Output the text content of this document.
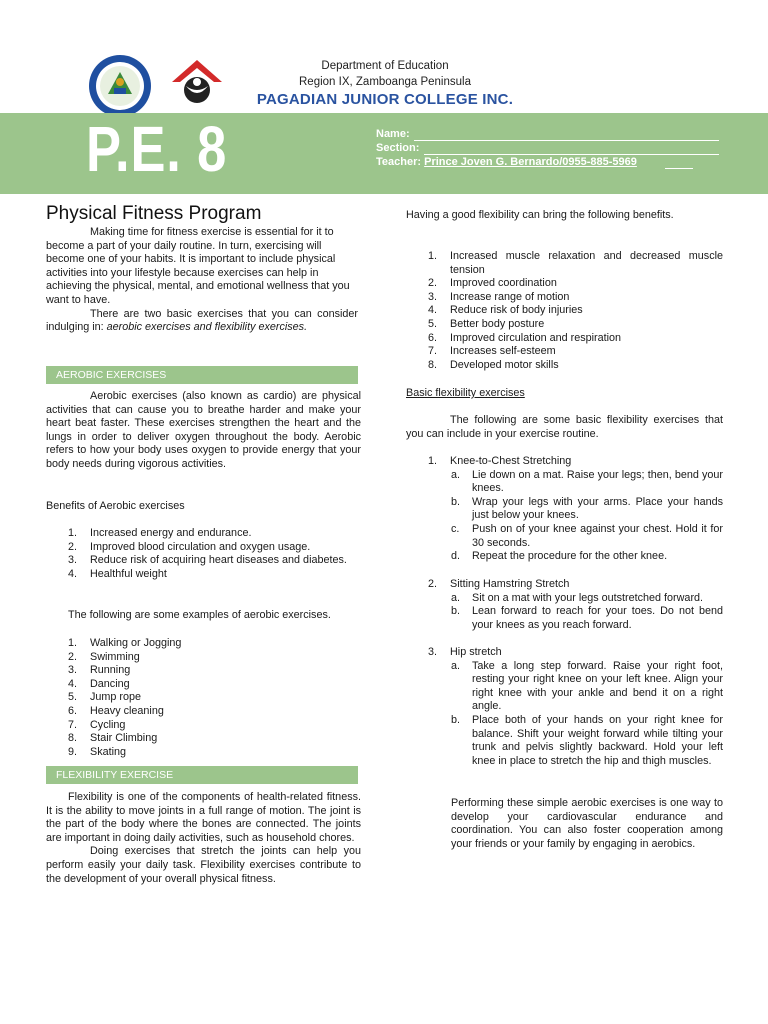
Department of Education
Region IX, Zamboanga Peninsula
PAGADIAN JUNIOR COLLEGE INC.
P.E. 8	Name:
Section:
Teacher: Prince Joven G. Bernardo/0955-885-5969
Physical Fitness Program

Making time for fitness exercise is essential for it to become a part of your daily routine. In turn, exercising will become one of your habits. It is important to include physical activities into your lifestyle because exercises can help in achieving the physical, mental, and emotional wellness that you want to have.

There are two basic exercises that you can consider indulging in: aerobic exercises and flexibility exercises.

AEROBIC EXERCISES
Aerobic exercises (also known as cardio) are physical activities that can cause you to breathe harder and make your heart beat faster. These exercises strengthen the heart and the lungs in order to deliver oxygen throughout the body. Aerobic refers to how your body uses oxygen to provide energy that your body needs during vigorous activities.
Benefits of Aerobic exercises
1. Increased energy and endurance.
2. Improved blood circulation and oxygen usage.
3. Reduce risk of acquiring heart diseases and diabetes.
4. Healthful weight
The following are some examples of aerobic exercises.
1. Walking or Jogging
2. Swimming
3. Running
4. Dancing
5. Jump rope
6. Heavy cleaning
7. Cycling
8. Stair Climbing
9. Skating
FLEXIBILITY EXERCISE

Flexibility is one of the components of health-related fitness. It is the ability to move joints in a full range of motion. The joint is the part of the body where the bones are connected. The joints are important in doing daily activities, such as household chores.

Doing exercises that stretch the joints can help you perform easily your daily task. Flexibility exercises contribute to the development of your overall physical fitness.

Having a good flexibility can bring the following benefits.
1. Increased muscle relaxation and decreased muscle tension
2. Improved coordination
3. Increase range of motion
4. Reduce risk of body injuries
5. Better body posture
6. Improved circulation and respiration
7. Increases self-esteem
8. Developed motor skills
Basic flexibility exercises
The following are some basic flexibility exercises that you can include in your exercise routine.
1. Knee-to-Chest Stretching
a. Lie down on a mat. Raise your legs; then, bend your knees.
b. Wrap your legs with your arms. Place your hands just below your knees.
c. Push on of your knee against your chest. Hold it for 30 seconds.
d. Repeat the procedure for the other knee.
2. Sitting Hamstring Stretch
a. Sit on a mat with your legs outstretched forward.
b. Lean forward to reach for your toes. Do not bend your knees as you reach forward.
3. Hip stretch
a. Take a long step forward. Raise your right foot, resting your right knee on your left knee. Align your right knee with your ankle and bend it on a right angle.
b. Place both of your hands on your right knee for balance. Shift your weight forward while tilting your trunk and pelvis slightly backward. Hold your left knee in place to stretch the hip and thigh muscles.
Performing these simple aerobic exercises is one way to develop your cardiovascular endurance and coordination. You can also foster cooperation among your friends or your family by engaging in aerobics.
